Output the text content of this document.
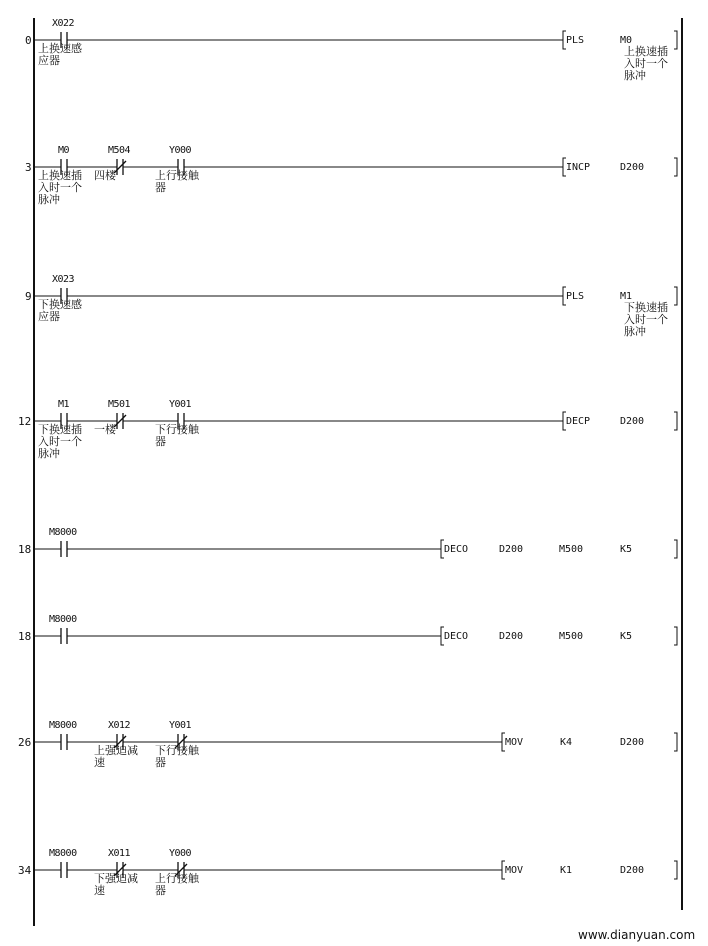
0
X022
上换速感
应器
PLS	M0
上换速插
入时一个
脉冲
3
M0
上换速插
入时一个
脉冲
M504
四楼
Y000
上行接触
器
INCP	D200
9
X023
下换速感
应器
PLS	M1
下换速插
入时一个
脉冲
12
M1
下换速插
入时一个
脉冲
M501
一楼
Y001
下行接触
器
DECP	D200
18
M8000
DECO	D200	M500	K5
18
M8000
DECO	D200	M500	K5
26
M8000	X012
上强迫减
速
Y001
下行接触
器
MOV	K4	D200
34
M8000	X011
下强迫减
速
Y000
上行接触
器
MOV	K1	D200
www.dianyuan.com
